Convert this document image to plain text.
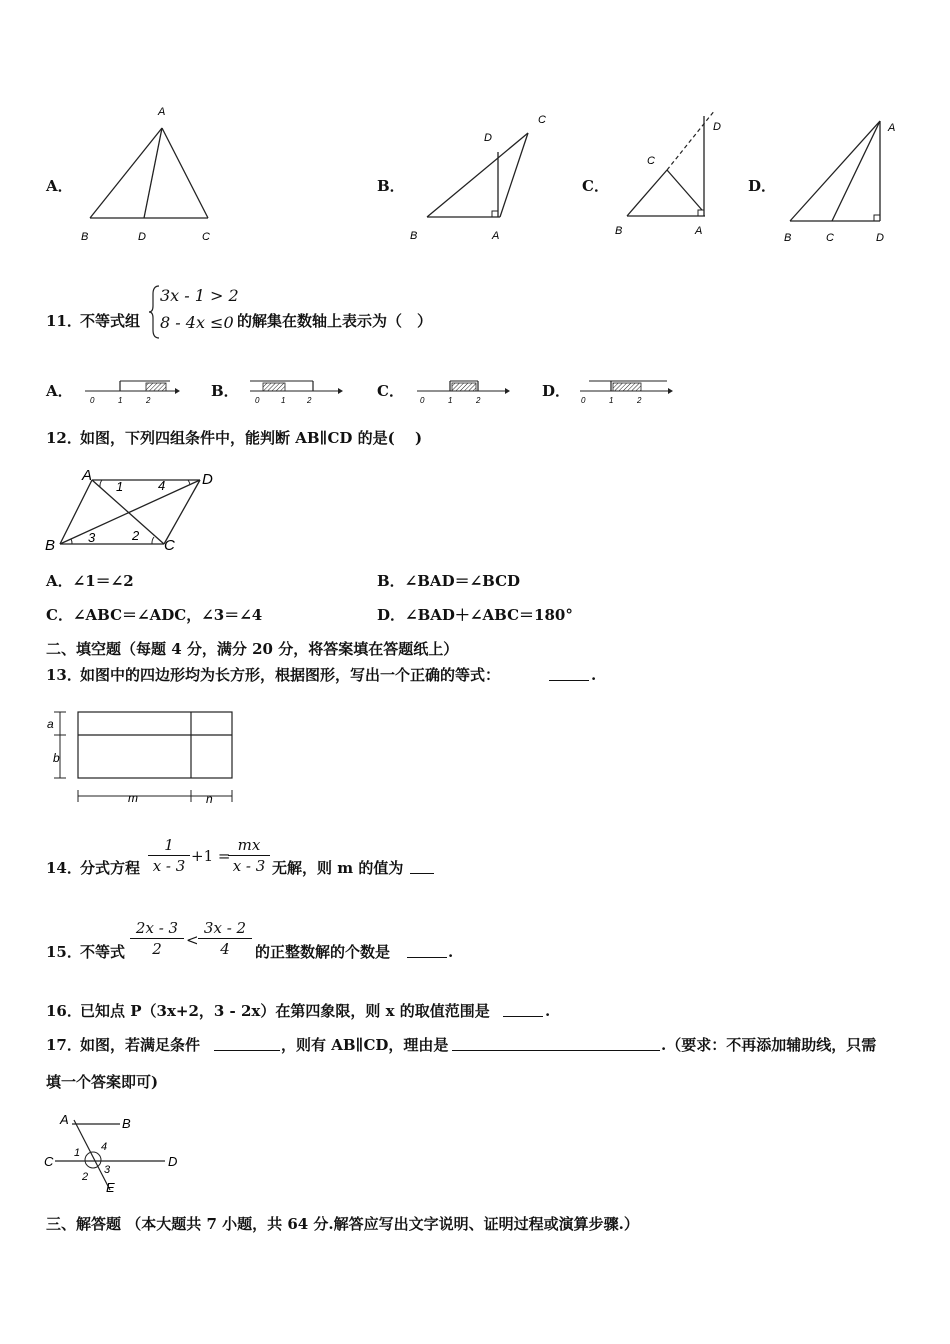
A．
A
B	D	C
B．
C
D
B	A
C．
D
C
B	A
D．
A
B	C	D
11．
不等式组
3x - 1 > 2
8 - 4x ≤0 的解集在数轴上表示为（　）
A．
0	1	2
B．
0	1	2
C．
0	1	2
D．
0	1	2
12．
如图，下列四组条件中，能判断 AB∥CD 的是(　 )
A	D
B	C
1	4
3	2
A．∠1＝∠2	B．∠BAD＝∠BCD
C．∠ABC＝∠ADC，∠3＝∠4	D．∠BAD＋∠ABC＝180°
二、填空题（每题 4 分，满分 20 分，将答案填在答题纸上）
13．
如图中的四边形均为长方形，根据图形，写出一个正确的等式：	.
a
b
m	n
14．
分式方程 $\frac{1}{x - 3} +1$ =
$\frac{mx}{x - 3}$ 无解，则 m 的值为
15．
不等式 $\frac{2x - 3}{2} < \frac{3x - 2}{4}$ 的正整数解的个数是	.
16．
已知点 P（3x+2，3 - 2x）在第四象限，则 x 的取值范围是	.
17．
如图，若满足条件	，则有 AB∥CD，理由是	.（要求：不再添加辅助线，只需
填一个答案即可)
A	B
C	D
E
1 4
3
2
三、解答题 （本大题共 7 小题，共 64 分.解答应写出文字说明、证明过程或演算步骤.）
